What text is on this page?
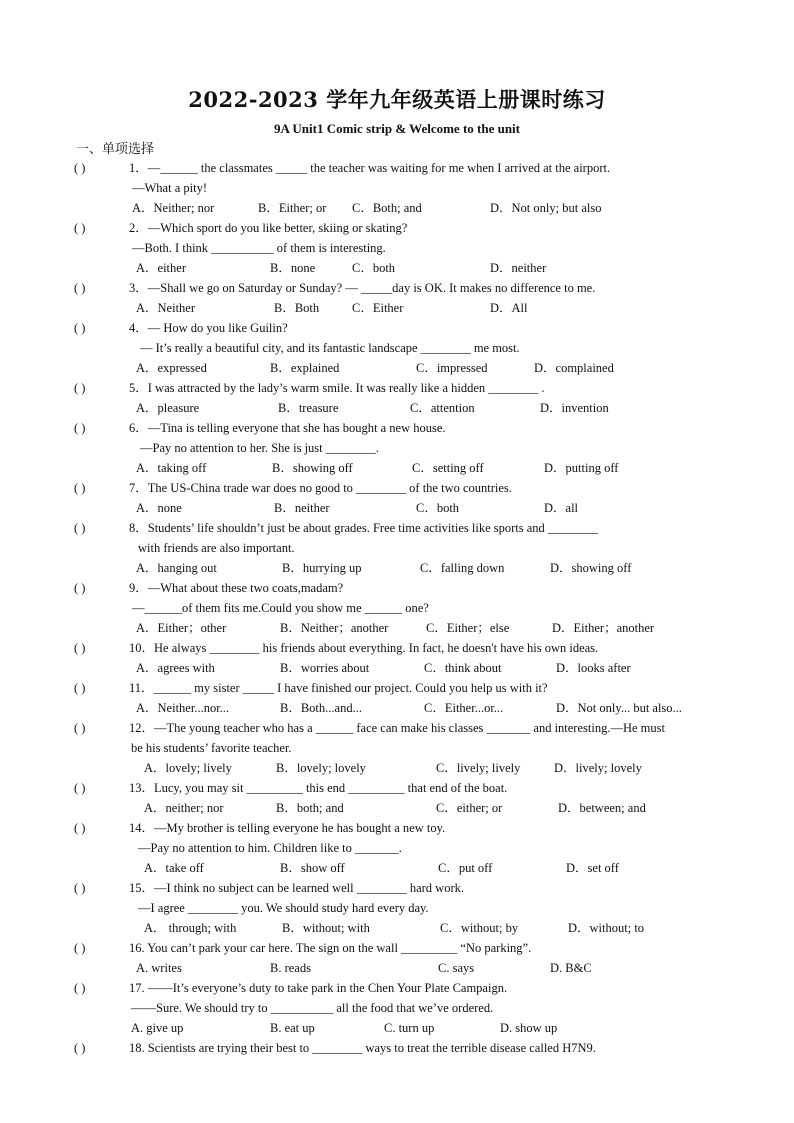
2022-2023 学年九年级英语上册课时练习
9A Unit1 Comic strip & Welcome to the unit
一、单项选择
( )	1．—______ the classmates _____ the teacher was waiting for me when I arrived at the airport.
—What a pity!
A．Neither; nor	B．Either; or C．Both; and	D．Not only; but also
( )	2．—Which sport do you like better, skiing or skating?
—Both. I think __________ of them is interesting.
A．either	B．none	C．both	D．neither
( )	3．—Shall we go on Saturday or Sunday? — _____day is OK. It makes no difference to me.
A．Neither	B．Both	C．Either	D．All
( )	4．— How do you like Guilin?
— It’s really a beautiful city, and its fantastic landscape ________ me most.
A．expressed	B．explained	C．impressed	D．complained
( )	5．I was attracted by the lady’s warm smile. It was really like a hidden ________ .
A．pleasure	B．treasure	C．attention	D．invention
( )	6．—Tina is telling everyone that she has bought a new house.
—Pay no attention to her. She is just ________.
A．taking off	B．showing off	C．setting off	D．putting off
( )	7．The US-China trade war does no good to ________ of the two countries.
A．none	B．neither	C．both	D．all
( )	8．Students’ life shouldn’t just be about grades. Free time activities like sports and ________
with friends are also important.
A．hanging out	B．hurrying up	C．falling down	D．showing off
( )	9．—What about these two coats,madam?
—______of them fits me.Could you show me ______ one?
A．Either；other	B．Neither；another	C．Either；else	D．Either；another
( )	10．He always ________ his friends about everything. In fact, he doesn't have his own ideas.
A．agrees with	B．worries about	C．think about	D．looks after
( )	11．______ my sister _____ I have finished our project. Could you help us with it?
A．Neither...nor...	B．Both...and...	C．Either...or...	D．Not only... but also...
( )	12．—The young teacher who has a ______ face can make his classes _______ and interesting.—He must
be his students’ favorite teacher.
A．lovely; lively	B．lovely; lovely	C．lively; lively	D．lively; lovely
( )	13．Lucy, you may sit _________ this end _________ that end of the boat.
A．neither; nor	B．both; and	C．either; or	D．between; and
( )	14．—My brother is telling everyone he has bought a new toy.
—Pay no attention to him. Children like to _______.
A．take off	B．show off	C．put off	D．set off
( )	15．—I think no subject can be learned well ________ hard work.
—I agree ________ you. We should study hard every day.
A． through; with	B．without; with	C．without; by	D．without; to
( )	16. You can’t park your car here. The sign on the wall _________ “No parking”.
A. writes	B. reads	C. says	D. B&C
( )	17. ——It’s everyone’s duty to take park in the Chen Your Plate Campaign.
——Sure. We should try to __________ all the food that we’ve ordered.
A. give up	B. eat up	C. turn up	D. show up
( )	18. Scientists are trying their best to ________ ways to treat the terrible disease called H7N9.
